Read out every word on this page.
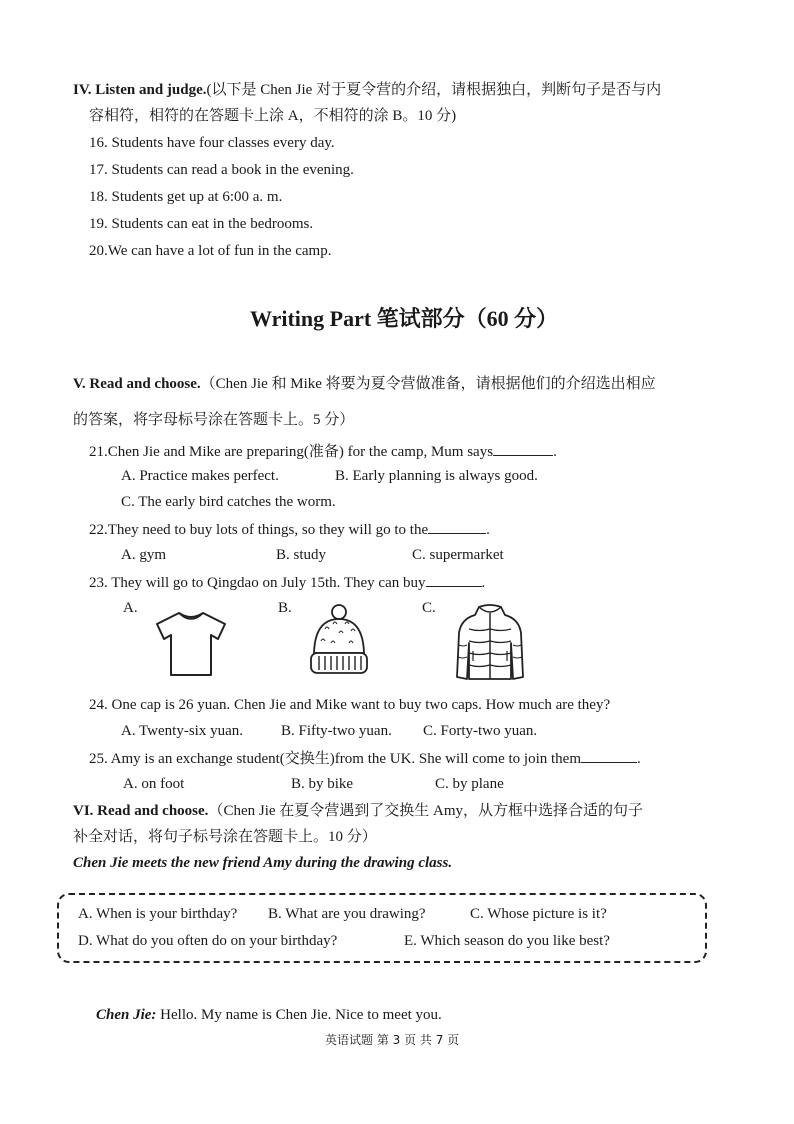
IV. Listen and judge.(以下是 Chen Jie 对于夏令营的介绍，请根据独白，判断句子是否与内
容相符，相符的在答题卡上涂 A，不相符的涂 B。10 分)
16. Students have four classes every day.
17. Students can read a book in the evening.
18. Students get up at 6:00 a. m.
19. Students can eat in the bedrooms.
20.We can have a lot of fun in the camp.
Writing Part 笔试部分（60 分）
V. Read and choose.（Chen Jie 和 Mike 将要为夏令营做准备，请根据他们的介绍选出相应
的答案，将字母标号涂在答题卡上。5 分）
21.Chen Jie and Mike are preparing(准备) for the camp, Mum says	.
A. Practice makes perfect.	B. Early planning is always good.
C. The early bird catches the worm.
22.They need to buy lots of things, so they will go to the	.
A. gym	B. study	C. supermarket
23. They will go to Qingdao on July 15th. They can buy	.
A.	B.	C.
24. One cap is 26 yuan. Chen Jie and Mike want to buy two caps. How much are they?
A. Twenty-six yuan.	B. Fifty-two yuan. C. Forty-two yuan.
25. Amy is an exchange student(交换生)from the UK. She will come to join them	.
A. on foot	B. by bike	C. by plane
VI. Read and choose.（Chen Jie 在夏令营遇到了交换生 Amy，从方框中选择合适的句子
补全对话，将句子标号涂在答题卡上。10 分）
Chen Jie meets the new friend Amy during the drawing class.
A. When is your birthday? B. What are you drawing?	C. Whose picture is it?
D. What do you often do on your birthday?	E. Which season do you like best?
Chen Jie: Hello. My name is Chen Jie. Nice to meet you.
英语试题 第 3 页 共 7 页
